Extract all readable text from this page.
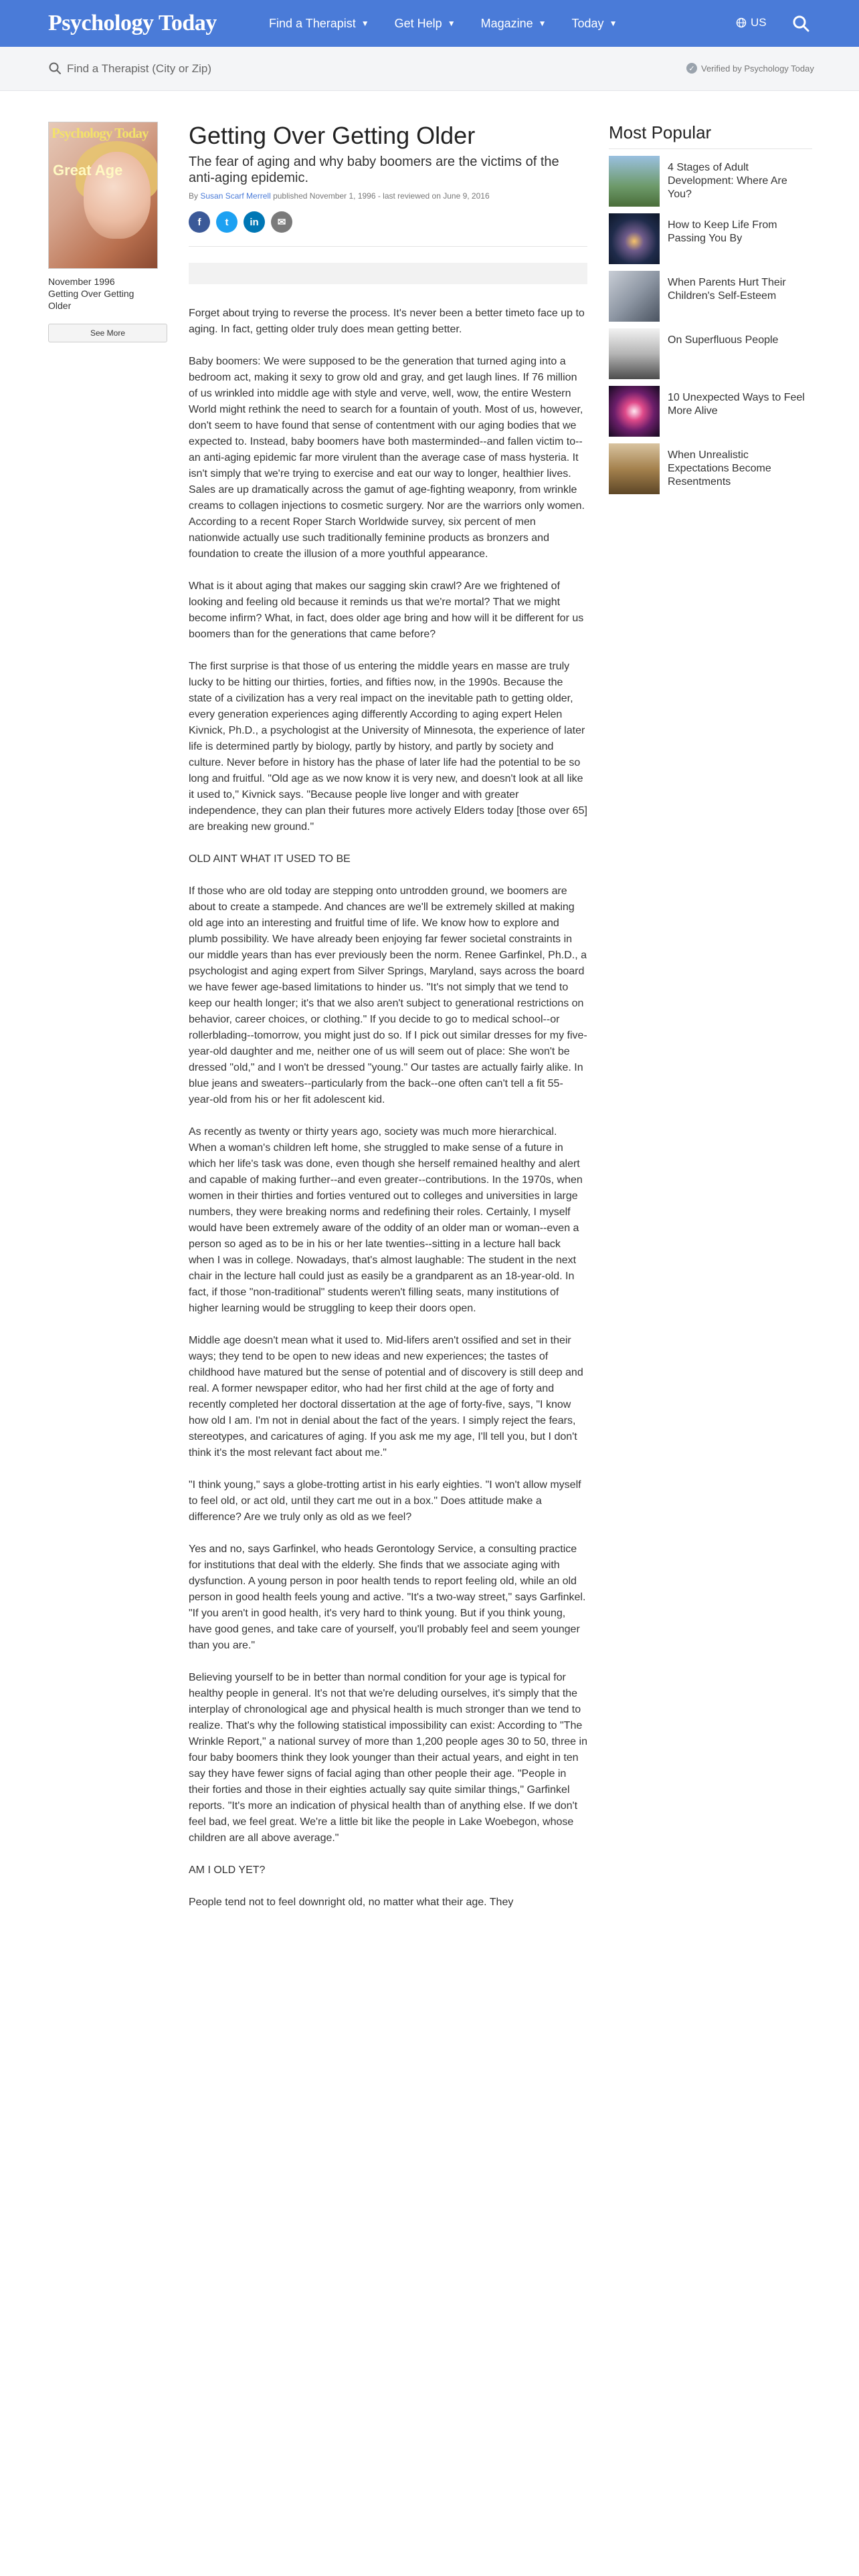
Psychology Today	Find a Therapist ▼ Get Help ▼ Magazine ▼ Today ▼	US
Find a Therapist (City or Zip)
✓ Verified by Psychology Today
Psychology Today
Great Age
November 1996
Getting Over Getting Older
See More
Getting Over Getting Older
The fear of aging and why baby boomers are the victims of the anti-aging epidemic.
By Susan Scarf Merrell published November 1, 1996 - last reviewed on June 9, 2016
f	t	in	✉

Forget about trying to reverse the process. It's never been a better timeto face up to aging. In fact, getting older truly does mean getting better.

Baby boomers: We were supposed to be the generation that turned aging into a bedroom act, making it sexy to grow old and gray, and get laugh lines. If 76 million of us wrinkled into middle age with style and verve, well, wow, the entire Western World might rethink the need to search for a fountain of youth. Most of us, however, don't seem to have found that sense of contentment with our aging bodies that we expected to. Instead, baby boomers have both masterminded--and fallen victim to--an anti-aging epidemic far more virulent than the average case of mass hysteria. It isn't simply that we're trying to exercise and eat our way to longer, healthier lives. Sales are up dramatically across the gamut of age-fighting weaponry, from wrinkle creams to collagen injections to cosmetic surgery. Nor are the warriors only women. According to a recent Roper Starch Worldwide survey, six percent of men nationwide actually use such traditionally feminine products as bronzers and foundation to create the illusion of a more youthful appearance.

What is it about aging that makes our sagging skin crawl? Are we frightened of looking and feeling old because it reminds us that we're mortal? That we might become infirm? What, in fact, does older age bring and how will it be different for us boomers than for the generations that came before?

The first surprise is that those of us entering the middle years en masse are truly lucky to be hitting our thirties, forties, and fifties now, in the 1990s. Because the state of a civilization has a very real impact on the inevitable path to getting older, every generation experiences aging differently According to aging expert Helen Kivnick, Ph.D., a psychologist at the University of Minnesota, the experience of later life is determined partly by biology, partly by history, and partly by society and culture. Never before in history has the phase of later life had the potential to be so long and fruitful. "Old age as we now know it is very new, and doesn't look at all like it used to," Kivnick says. "Because people live longer and with greater independence, they can plan their futures more actively Elders today [those over 65] are breaking new ground."

OLD AINT WHAT IT USED TO BE

If those who are old today are stepping onto untrodden ground, we boomers are about to create a stampede. And chances are we'll be extremely skilled at making old age into an interesting and fruitful time of life. We know how to explore and plumb possibility. We have already been enjoying far fewer societal constraints in our middle years than has ever previously been the norm. Renee Garfinkel, Ph.D., a psychologist and aging expert from Silver Springs, Maryland, says across the board we have fewer age-based limitations to hinder us. "It's not simply that we tend to keep our health longer; it's that we also aren't subject to generational restrictions on behavior, career choices, or clothing." If you decide to go to medical school--or rollerblading--tomorrow, you might just do so. If I pick out similar dresses for my five-year-old daughter and me, neither one of us will seem out of place: She won't be dressed "old," and I won't be dressed "young." Our tastes are actually fairly alike. In blue jeans and sweaters--particularly from the back--one often can't tell a fit 55-year-old from his or her fit adolescent kid.

As recently as twenty or thirty years ago, society was much more hierarchical. When a woman's children left home, she struggled to make sense of a future in which her life's task was done, even though she herself remained healthy and alert and capable of making further--and even greater--contributions. In the 1970s, when women in their thirties and forties ventured out to colleges and universities in large numbers, they were breaking norms and redefining their roles. Certainly, I myself would have been extremely aware of the oddity of an older man or woman--even a person so aged as to be in his or her late twenties--sitting in a lecture hall back when I was in college. Nowadays, that's almost laughable: The student in the next chair in the lecture hall could just as easily be a grandparent as an 18-year-old. In fact, if those "non-traditional" students weren't filling seats, many institutions of higher learning would be struggling to keep their doors open.

Middle age doesn't mean what it used to. Mid-lifers aren't ossified and set in their ways; they tend to be open to new ideas and new experiences; the tastes of childhood have matured but the sense of potential and of discovery is still deep and real. A former newspaper editor, who had her first child at the age of forty and recently completed her doctoral dissertation at the age of forty-five, says, "I know how old I am. I'm not in denial about the fact of the years. I simply reject the fears, stereotypes, and caricatures of aging. If you ask me my age, I'll tell you, but I don't think it's the most relevant fact about me."

"I think young," says a globe-trotting artist in his early eighties. "I won't allow myself to feel old, or act old, until they cart me out in a box." Does attitude make a difference? Are we truly only as old as we feel?

Yes and no, says Garfinkel, who heads Gerontology Service, a consulting practice for institutions that deal with the elderly. She finds that we associate aging with dysfunction. A young person in poor health tends to report feeling old, while an old person in good health feels young and active. "It's a two-way street," says Garfinkel. "If you aren't in good health, it's very hard to think young. But if you think young, have good genes, and take care of yourself, you'll probably feel and seem younger than you are."

Believing yourself to be in better than normal condition for your age is typical for healthy people in general. It's not that we're deluding ourselves, it's simply that the interplay of chronological age and physical health is much stronger than we tend to realize. That's why the following statistical impossibility can exist: According to "The Wrinkle Report," a national survey of more than 1,200 people ages 30 to 50, three in four baby boomers think they look younger than their actual years, and eight in ten say they have fewer signs of facial aging than other people their age. "People in their forties and those in their eighties actually say quite similar things," Garfinkel reports. "It's more an indication of physical health than of anything else. If we don't feel bad, we feel great. We're a little bit like the people in Lake Woebegon, whose children are all above average."

AM I OLD YET?

People tend not to feel downright old, no matter what their age. They

Most Popular
4 Stages of Adult Development: Where Are You?
How to Keep Life From Passing You By
When Parents Hurt Their Children's Self-Esteem
On Superfluous People
10 Unexpected Ways to Feel More Alive
When Unrealistic Expectations Become Resentments
